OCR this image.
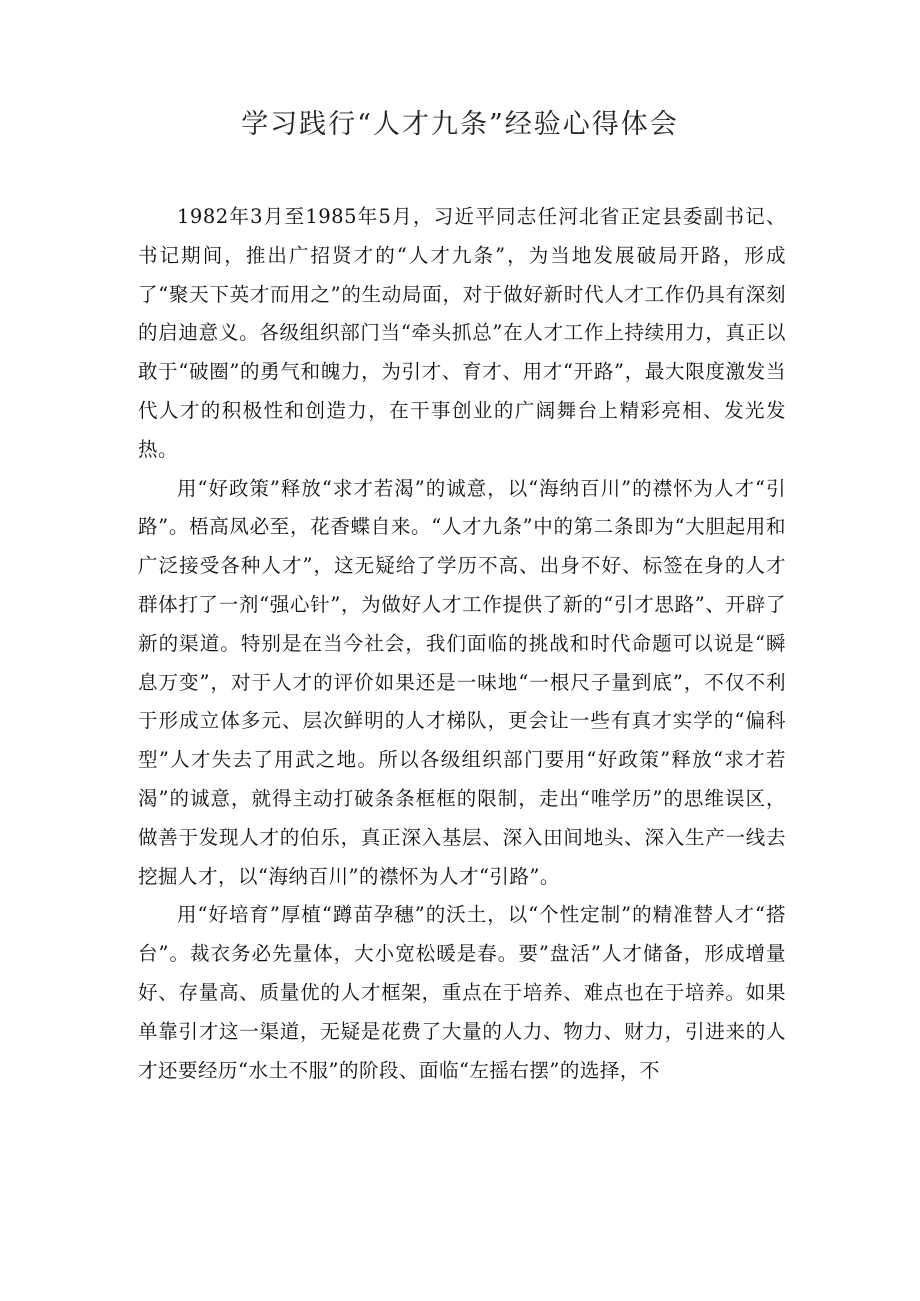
学习践行“人才九条”经验心得体会

1982年3月至1985年5月，习近平同志任河北省正定县委副书记、书记期间，推出广招贤才的“人才九条”，为当地发展破局开路，形成了“聚天下英才而用之”的生动局面，对于做好新时代人才工作仍具有深刻的启迪意义。各级组织部门当“牵头抓总”在人才工作上持续用力，真正以敢于“破圈”的勇气和魄力，为引才、育才、用才“开路”，最大限度激发当代人才的积极性和创造力，在干事创业的广阔舞台上精彩亮相、发光发热。

用“好政策”释放“求才若渴”的诚意，以“海纳百川”的襟怀为人才“引路”。梧高凤必至，花香蝶自来。“人才九条”中的第二条即为“大胆起用和广泛接受各种人才”，这无疑给了学历不高、出身不好、标签在身的人才群体打了一剂“强心针”，为做好人才工作提供了新的“引才思路”、开辟了新的渠道。特别是在当今社会，我们面临的挑战和时代命题可以说是“瞬息万变”，对于人才的评价如果还是一味地“一根尺子量到底”，不仅不利于形成立体多元、层次鲜明的人才梯队，更会让一些有真才实学的“偏科型”人才失去了用武之地。所以各级组织部门要用“好政策”释放“求才若渴”的诚意，就得主动打破条条框框的限制，走出“唯学历”的思维误区，做善于发现人才的伯乐，真正深入基层、深入田间地头、深入生产一线去挖掘人才，以“海纳百川”的襟怀为人才“引路”。

用“好培育”厚植“蹲苗孕穗”的沃土，以“个性定制”的精准替人才“搭台”。裁衣务必先量体，大小宽松暖是春。要”盘活”人才储备，形成增量好、存量高、质量优的人才框架，重点在于培养、难点也在于培养。如果单靠引才这一渠道，无疑是花费了大量的人力、物力、财力，引进来的人才还要经历“水土不服”的阶段、面临“左摇右摆”的选择，不
